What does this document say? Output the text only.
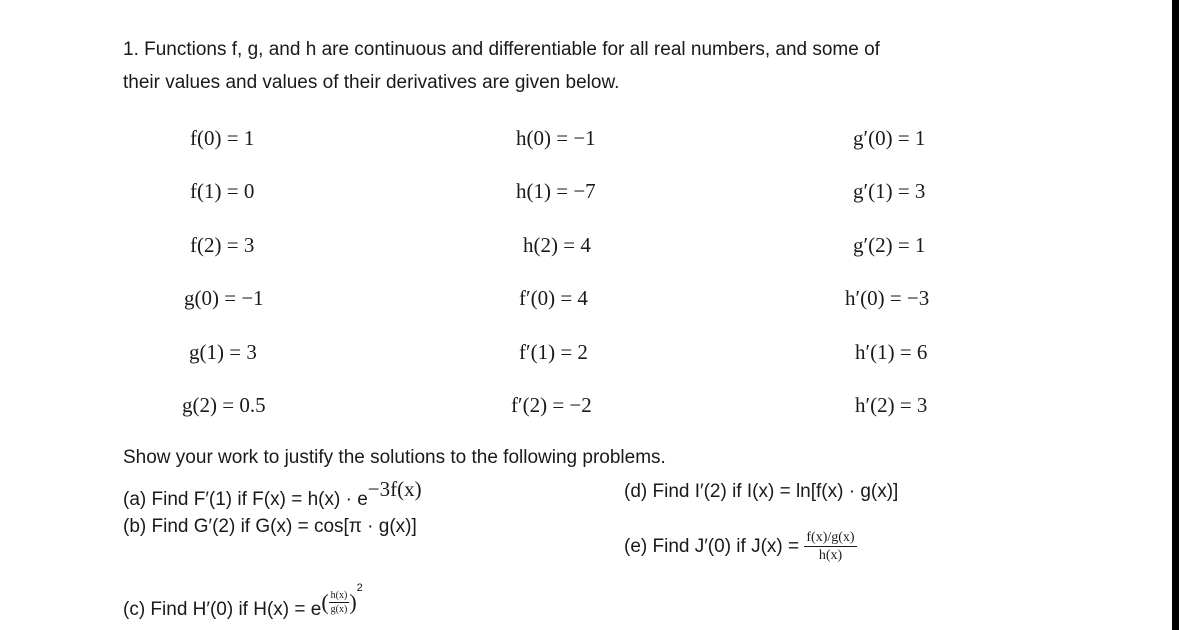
1. Functions f, g, and h are continuous and differentiable for all real numbers, and some of
their values and values of their derivatives are given below.
f(0) = 1
f(1) = 0
f(2) = 3
g(0) = −1
g(1) = 3
g(2) = 0.5
h(0) = −1
h(1) = −7
h(2) = 4
f′(0) = 4
f′(1) = 2
f′(2) = −2
g′(0) = 1
g′(1) = 3
g′(2) = 1
h′(0) = −3
h′(1) = 6
h′(2) = 3
Show your work to justify the solutions to the following problems.
(a) Find F′(1) if F(x) = h(x) · e−3f(x)	(d) Find I′(2) if I(x) = ln[f(x) · g(x)]
(b) Find G′(2) if G(x) = cos[π · g(x)]
(e) Find J′(0) if $J(x) = \frac{f(x)/g(x)}{h(x)}$
(c) Find H′(0) if $H(x) = e( \frac{h(x)}{g(x)} )2$
